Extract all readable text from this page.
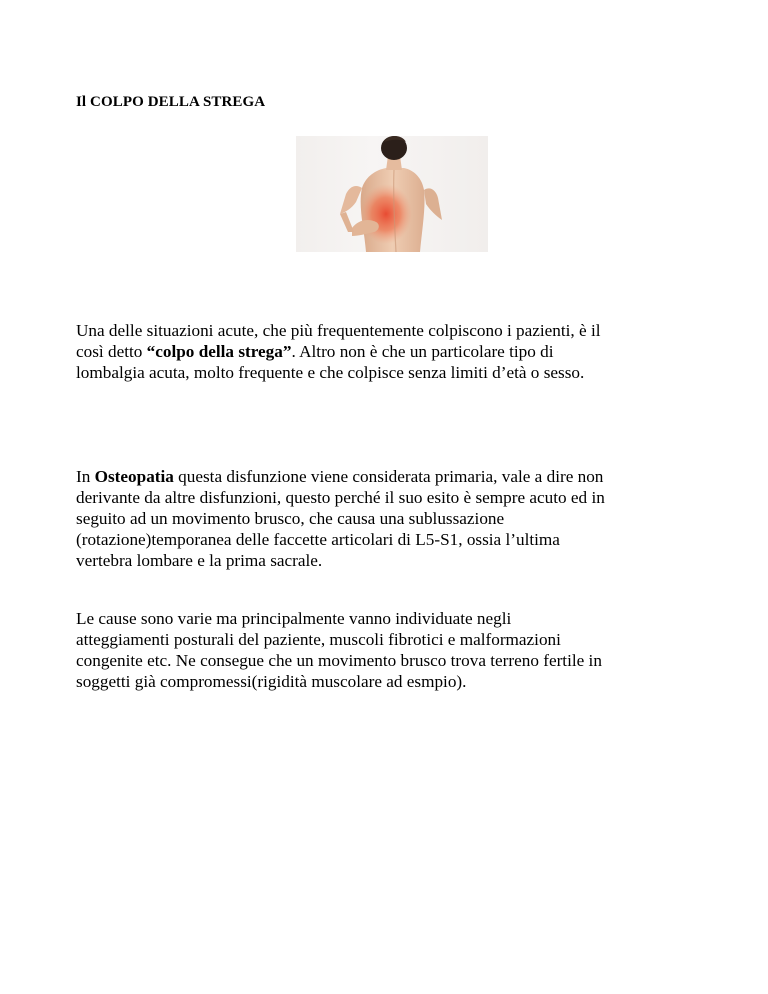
Il COLPO DELLA STREGA

Una delle situazioni acute, che più frequentemente colpiscono i pazienti, è il
così detto “colpo della strega”. Altro non è che un particolare tipo di
lombalgia acuta, molto frequente e che colpisce senza limiti d’età o sesso.

In Osteopatia questa disfunzione viene considerata primaria, vale a dire non
derivante da altre disfunzioni, questo perché il suo esito è sempre acuto ed in
seguito ad un movimento brusco, che causa una sublussazione
(rotazione)temporanea delle faccette articolari di L5-S1, ossia l’ultima
vertebra lombare e la prima sacrale.

Le cause sono varie ma principalmente vanno individuate negli
atteggiamenti posturali del paziente, muscoli fibrotici e malformazioni
congenite etc. Ne consegue che un movimento brusco trova terreno fertile in
soggetti già compromessi(rigidità muscolare ad esmpio).
